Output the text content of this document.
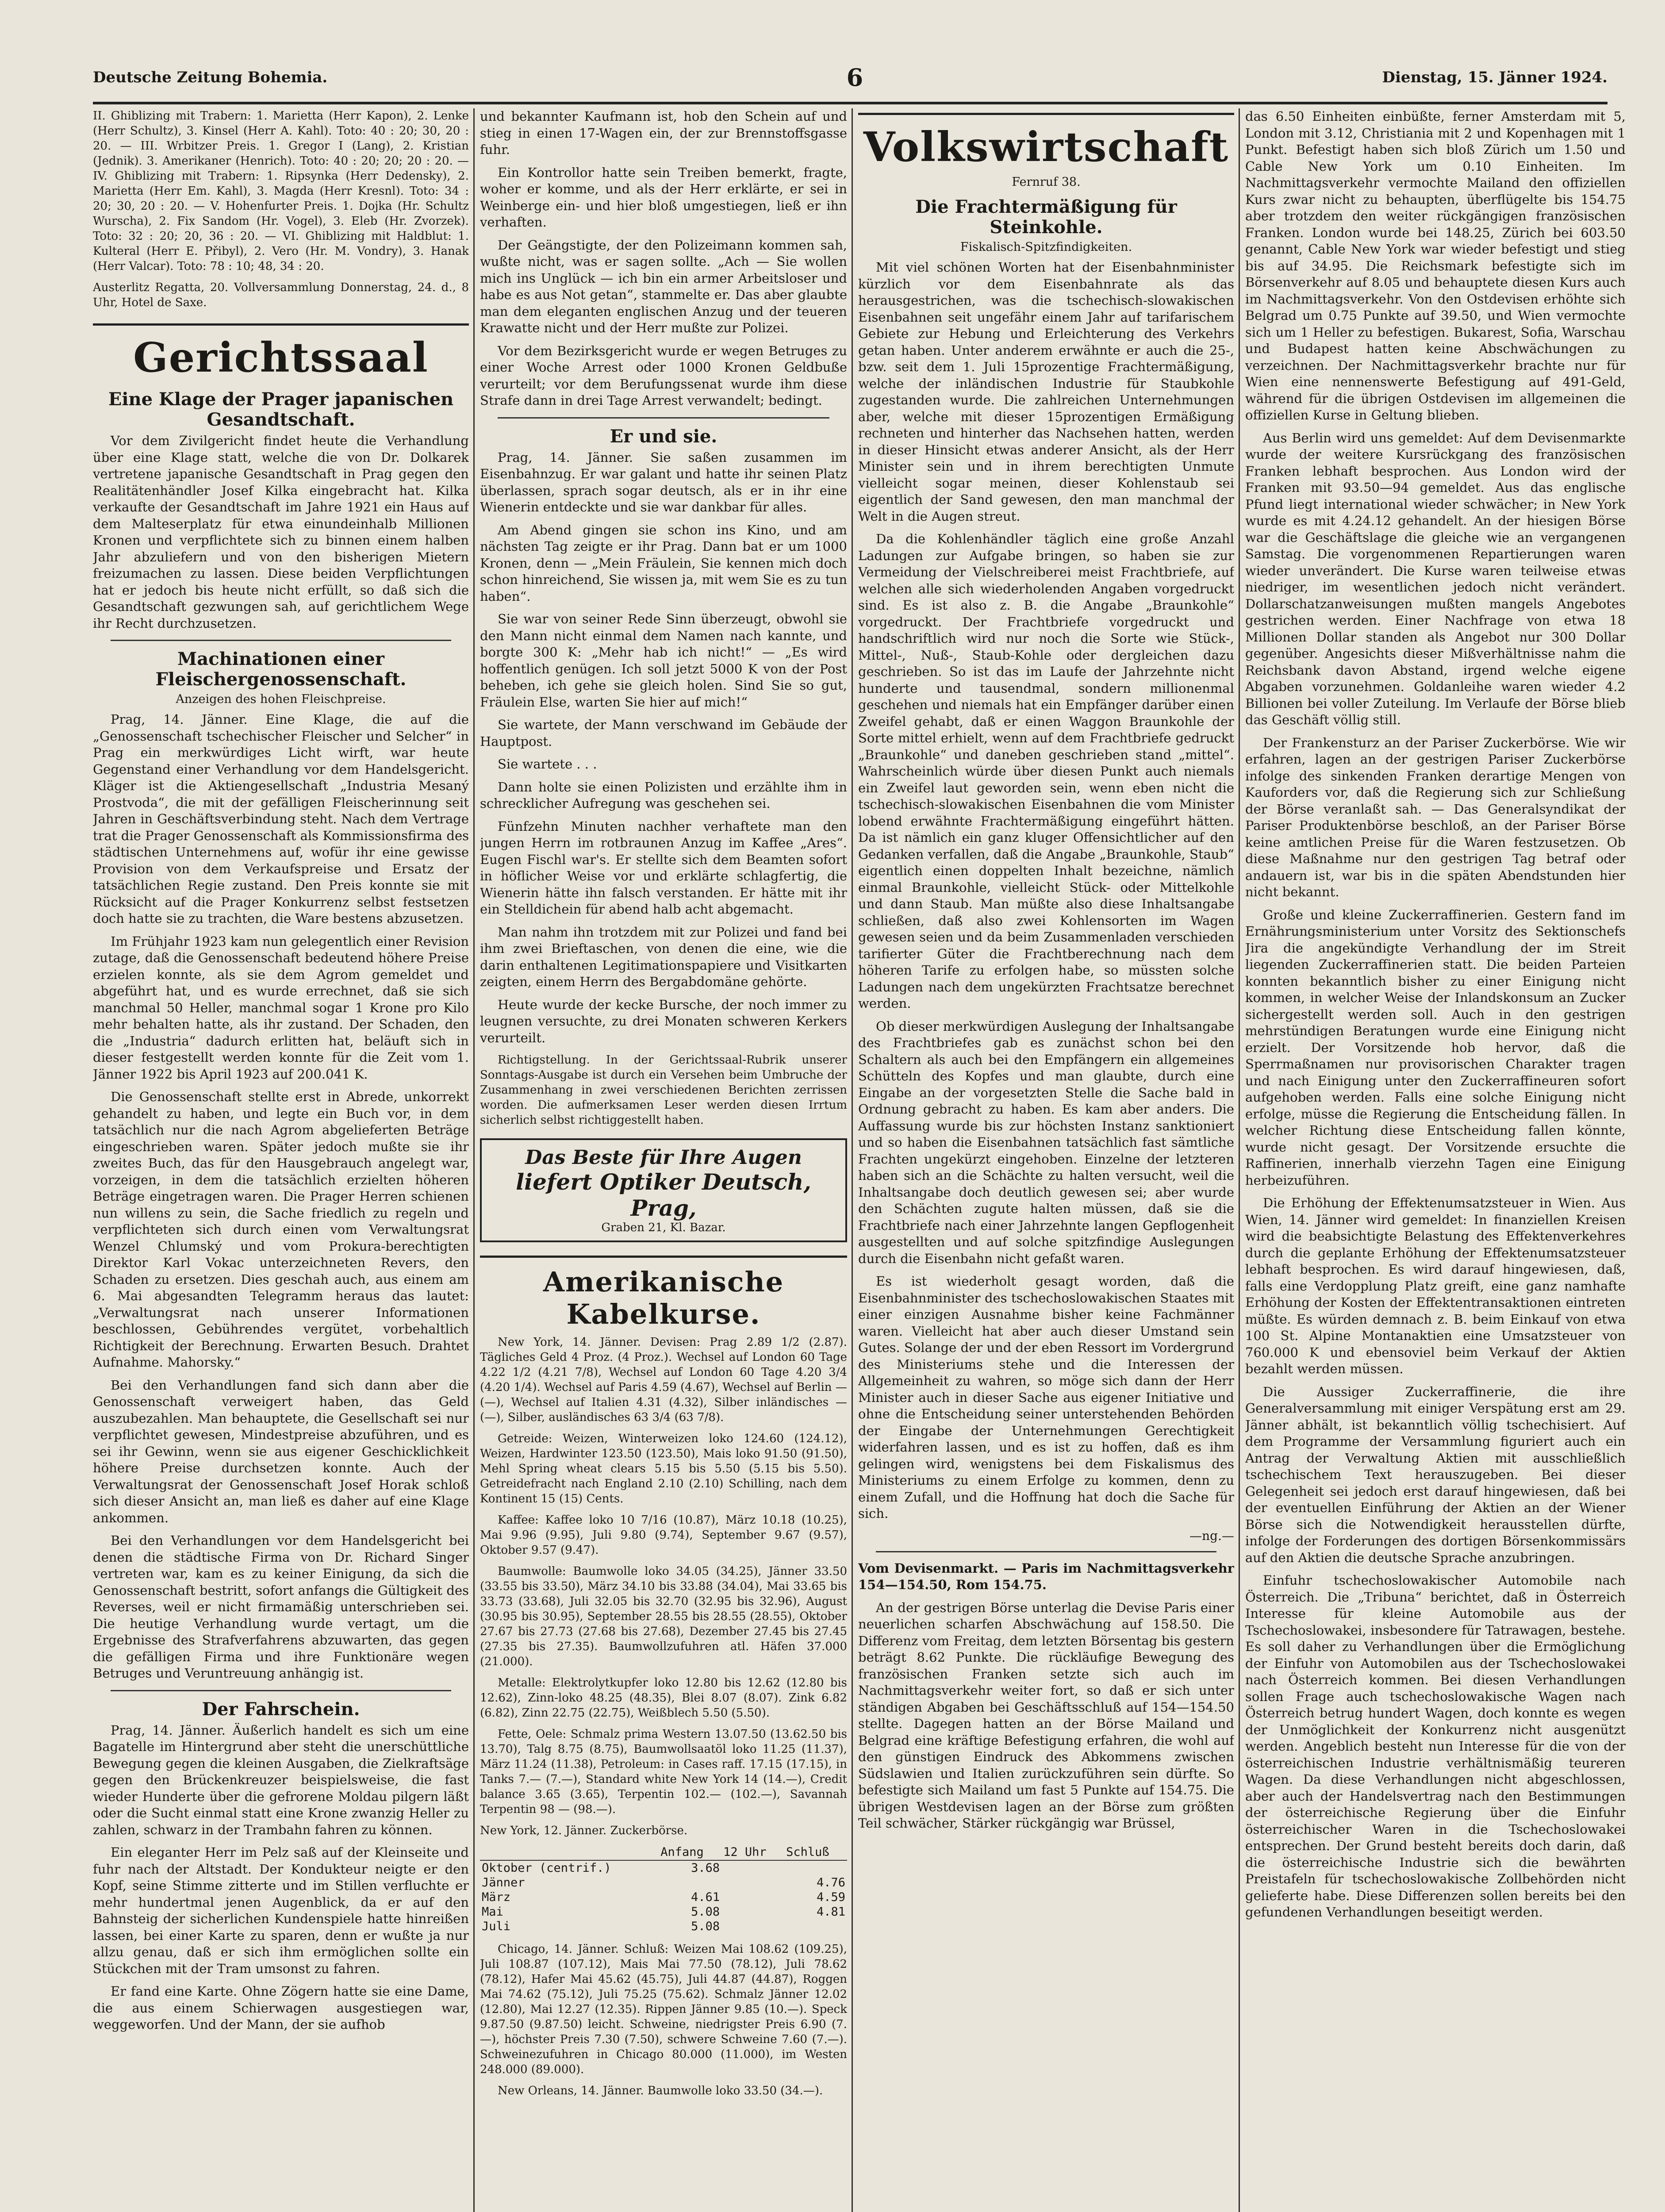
Deutsche Zeitung Bohemia.	6	Dienstag, 15. Jänner 1924.

II. Ghiblizing mit Trabern: 1. Marietta (Herr Kapon), 2. Lenke (Herr Schultz), 3. Kinsel (Herr A. Kahl). Toto: 40 : 20; 30, 20 : 20. — III. Wrbitzer Preis. 1. Gregor I (Lang), 2. Kristian (Jednik). 3. Amerikaner (Henrich). Toto: 40 : 20; 20; 20 : 20. — IV. Ghiblizing mit Trabern: 1. Ripsynka (Herr Dedensky), 2. Marietta (Herr Em. Kahl), 3. Magda (Herr Kresnl). Toto: 34 : 20; 30, 20 : 20. — V. Hohenfurter Preis. 1. Dojka (Hr. Schultz Wurscha), 2. Fix Sandom (Hr. Vogel), 3. Eleb (Hr. Zvorzek). Toto: 32 : 20; 20, 36 : 20. — VI. Ghiblizing mit Haldblut: 1. Kulteral (Herr E. Přibyl), 2. Vero (Hr. M. Vondry), 3. Hanak (Herr Valcar). Toto: 78 : 10; 48, 34 : 20.

Austerlitz Regatta, 20. Vollversammlung Donnerstag, 24. d., 8 Uhr, Hotel de Saxe.

Gerichtssaal
Eine Klage der Prager japanischen Gesandtschaft.

Vor dem Zivilgericht findet heute die Verhandlung über eine Klage statt, welche die von Dr. Dolkarek vertretene japanische Gesandtschaft in Prag gegen den Realitätenhändler Josef Kilka eingebracht hat. Kilka verkaufte der Gesandtschaft im Jahre 1921 ein Haus auf dem Malteserplatz für etwa einundeinhalb Millionen Kronen und verpflichtete sich zu binnen einem halben Jahr abzuliefern und von den bisherigen Mietern freizumachen zu lassen. Diese beiden Verpflichtungen hat er jedoch bis heute nicht erfüllt, so daß sich die Gesandtschaft gezwungen sah, auf gerichtlichem Wege ihr Recht durchzusetzen.

Machinationen einer Fleischergenossenschaft.
Anzeigen des hohen Fleischpreise.

Prag, 14. Jänner. Eine Klage, die auf die „Genossenschaft tschechischer Fleischer und Selcher“ in Prag ein merkwürdiges Licht wirft, war heute Gegenstand einer Verhandlung vor dem Handelsgericht. Kläger ist die Aktiengesellschaft „Industria Mesaný Prostvoda“, die mit der gefälligen Fleischerinnung seit Jahren in Geschäftsverbindung steht. Nach dem Vertrage trat die Prager Genossenschaft als Kommissionsfirma des städtischen Unternehmens auf, wofür ihr eine gewisse Provision von dem Verkaufspreise und Ersatz der tatsächlichen Regie zustand. Den Preis konnte sie mit Rücksicht auf die Prager Konkurrenz selbst festsetzen doch hatte sie zu trachten, die Ware bestens abzusetzen.

Im Frühjahr 1923 kam nun gelegentlich einer Revision zutage, daß die Genossenschaft bedeutend höhere Preise erzielen konnte, als sie dem Agrom gemeldet und abgeführt hat, und es wurde errechnet, daß sie sich manchmal 50 Heller, manchmal sogar 1 Krone pro Kilo mehr behalten hatte, als ihr zustand. Der Schaden, den die „Industria“ dadurch erlitten hat, beläuft sich in dieser festgestellt werden konnte für die Zeit vom 1. Jänner 1922 bis April 1923 auf 200.041 K.

Die Genossenschaft stellte erst in Abrede, unkorrekt gehandelt zu haben, und legte ein Buch vor, in dem tatsächlich nur die nach Agrom abgelieferten Beträge eingeschrieben waren. Später jedoch mußte sie ihr zweites Buch, das für den Hausgebrauch angelegt war, vorzeigen, in dem die tatsächlich erzielten höheren Beträge eingetragen waren. Die Prager Herren schienen nun willens zu sein, die Sache friedlich zu regeln und verpflichteten sich durch einen vom Verwaltungsrat Wenzel Chlumský und vom Prokura-berechtigten Direktor Karl Vokac unterzeichneten Revers, den Schaden zu ersetzen. Dies geschah auch, aus einem am 6. Mai abgesandten Telegramm heraus das lautet: „Verwaltungsrat nach unserer Informationen beschlossen, Gebührendes vergütet, vorbehaltlich Richtigkeit der Berechnung. Erwarten Besuch. Drahtet Aufnahme. Mahorsky.“

Bei den Verhandlungen fand sich dann aber die Genossenschaft verweigert haben, das Geld auszubezahlen. Man behauptete, die Gesellschaft sei nur verpflichtet gewesen, Mindestpreise abzuführen, und es sei ihr Gewinn, wenn sie aus eigener Geschicklichkeit höhere Preise durchsetzen konnte. Auch der Verwaltungsrat der Genossenschaft Josef Horak schloß sich dieser Ansicht an, man ließ es daher auf eine Klage ankommen.

Bei den Verhandlungen vor dem Handelsgericht bei denen die städtische Firma von Dr. Richard Singer vertreten war, kam es zu keiner Einigung, da sich die Genossenschaft bestritt, sofort anfangs die Gültigkeit des Reverses, weil er nicht firmamäßig unterschrieben sei. Die heutige Verhandlung wurde vertagt, um die Ergebnisse des Strafverfahrens abzuwarten, das gegen die gefälligen Firma und ihre Funktionäre wegen Betruges und Veruntreuung anhängig ist.

Der Fahrschein.

Prag, 14. Jänner. Äußerlich handelt es sich um eine Bagatelle im Hintergrund aber steht die unerschüttliche Bewegung gegen die kleinen Ausgaben, die Zielkraftsäge gegen den Brückenkreuzer beispielsweise, die fast wieder Hunderte über die gefrorene Moldau pilgern läßt oder die Sucht einmal statt eine Krone zwanzig Heller zu zahlen, schwarz in der Trambahn fahren zu können.

Ein eleganter Herr im Pelz saß auf der Kleinseite und fuhr nach der Altstadt. Der Kondukteur neigte er den Kopf, seine Stimme zitterte und im Stillen verfluchte er mehr hundertmal jenen Augenblick, da er auf den Bahnsteig der sicherlichen Kundenspiele hatte hinreißen lassen, bei einer Karte zu sparen, denn er wußte ja nur allzu genau, daß er sich ihm ermöglichen sollte ein Stückchen mit der Tram umsonst zu fahren.

Er fand eine Karte. Ohne Zögern hatte sie eine Dame, die aus einem Schierwagen ausgestiegen war, weggeworfen. Und der Mann, der sie aufhob

und bekannter Kaufmann ist, hob den Schein auf und stieg in einen 17-Wagen ein, der zur Brennstoffsgasse fuhr.

Ein Kontrollor hatte sein Treiben bemerkt, fragte, woher er komme, und als der Herr erklärte, er sei in Weinberge ein- und hier bloß umgestiegen, ließ er ihn verhaften.

Der Geängstigte, der den Polizeimann kommen sah, wußte nicht, was er sagen sollte. „Ach — Sie wollen mich ins Unglück — ich bin ein armer Arbeitsloser und habe es aus Not getan“, stammelte er. Das aber glaubte man dem eleganten englischen Anzug und der teueren Krawatte nicht und der Herr mußte zur Polizei.

Vor dem Bezirksgericht wurde er wegen Betruges zu einer Woche Arrest oder 1000 Kronen Geldbuße verurteilt; vor dem Berufungssenat wurde ihm diese Strafe dann in drei Tage Arrest verwandelt; bedingt.

Er und sie.

Prag, 14. Jänner. Sie saßen zusammen im Eisenbahnzug. Er war galant und hatte ihr seinen Platz überlassen, sprach sogar deutsch, als er in ihr eine Wienerin entdeckte und sie war dankbar für alles.

Am Abend gingen sie schon ins Kino, und am nächsten Tag zeigte er ihr Prag. Dann bat er um 1000 Kronen, denn — „Mein Fräulein, Sie kennen mich doch schon hinreichend, Sie wissen ja, mit wem Sie es zu tun haben“.

Sie war von seiner Rede Sinn überzeugt, obwohl sie den Mann nicht einmal dem Namen nach kannte, und borgte 300 K: „Mehr hab ich nicht!“ — „Es wird hoffentlich genügen. Ich soll jetzt 5000 K von der Post beheben, ich gehe sie gleich holen. Sind Sie so gut, Fräulein Else, warten Sie hier auf mich!“

Sie wartete, der Mann verschwand im Gebäude der Hauptpost.

Sie wartete . . .

Dann holte sie einen Polizisten und erzählte ihm in schrecklicher Aufregung was geschehen sei.

Fünfzehn Minuten nachher verhaftete man den jungen Herrn im rotbraunen Anzug im Kaffee „Ares“. Eugen Fischl war's. Er stellte sich dem Beamten sofort in höflicher Weise vor und erklärte schlagfertig, die Wienerin hätte ihn falsch verstanden. Er hätte mit ihr ein Stelldichein für abend halb acht abgemacht.

Man nahm ihn trotzdem mit zur Polizei und fand bei ihm zwei Brieftaschen, von denen die eine, wie die darin enthaltenen Legitimationspapiere und Visitkarten zeigten, einem Herrn des Bergabdomäne gehörte.

Heute wurde der kecke Bursche, der noch immer zu leugnen versuchte, zu drei Monaten schweren Kerkers verurteilt.

Richtigstellung. In der Gerichtssaal-Rubrik unserer Sonntags-Ausgabe ist durch ein Versehen beim Umbruche der Zusammenhang in zwei verschiedenen Berichten zerrissen worden. Die aufmerksamen Leser werden diesen Irrtum sicherlich selbst richtiggestellt haben.

Das Beste für Ihre Augen
liefert Optiker Deutsch, Prag,
Graben 21, Kl. Bazar.
Amerikanische Kabelkurse.

New York, 14. Jänner. Devisen: Prag 2.89 1/2 (2.87). Tägliches Geld 4 Proz. (4 Proz.). Wechsel auf London 60 Tage 4.22 1/2 (4.21 7/8), Wechsel auf London 60 Tage 4.20 3/4 (4.20 1/4). Wechsel auf Paris 4.59 (4.67), Wechsel auf Berlin — (—), Wechsel auf Italien 4.31 (4.32), Silber inländisches — (—), Silber, ausländisches 63 3/4 (63 7/8).

Getreide: Weizen, Winterweizen loko 124.60 (124.12), Weizen, Hardwinter 123.50 (123.50), Mais loko 91.50 (91.50), Mehl Spring wheat clears 5.15 bis 5.50 (5.15 bis 5.50). Getreidefracht nach England 2.10 (2.10) Schilling, nach dem Kontinent 15 (15) Cents.

Kaffee: Kaffee loko 10 7/16 (10.87), März 10.18 (10.25), Mai 9.96 (9.95), Juli 9.80 (9.74), September 9.67 (9.57), Oktober 9.57 (9.47).

Baumwolle: Baumwolle loko 34.05 (34.25), Jänner 33.50 (33.55 bis 33.50), März 34.10 bis 33.88 (34.04), Mai 33.65 bis 33.73 (33.68), Juli 32.05 bis 32.70 (32.95 bis 32.96), August (30.95 bis 30.95), September 28.55 bis 28.55 (28.55), Oktober 27.67 bis 27.73 (27.68 bis 27.68), Dezember 27.45 bis 27.45 (27.35 bis 27.35). Baumwollzufuhren atl. Häfen 37.000 (21.000).

Metalle: Elektrolytkupfer loko 12.80 bis 12.62 (12.80 bis 12.62), Zinn-loko 48.25 (48.35), Blei 8.07 (8.07). Zink 6.82 (6.82), Zinn 22.75 (22.75), Weißblech 5.50 (5.50).

Fette, Oele: Schmalz prima Western 13.07.50 (13.62.50 bis 13.70), Talg 8.75 (8.75), Baumwollsaatöl loko 11.25 (11.37), März 11.24 (11.38), Petroleum: in Cases raff. 17.15 (17.15), in Tanks 7.— (7.—), Standard white New York 14 (14.—), Credit balance 3.65 (3.65), Terpentin 102.— (102.—), Savannah Terpentin 98 — (98.—).

New York, 12. Jänner. Zuckerbörse.

	Anfang	12 Uhr	Schluß
Oktober (centrif.)	3.68		
Jänner			4.76
März	4.61		4.59
Mai	5.08		4.81
Juli	5.08		

Chicago, 14. Jänner. Schluß: Weizen Mai 108.62 (109.25), Juli 108.87 (107.12), Mais Mai 77.50 (78.12), Juli 78.62 (78.12), Hafer Mai 45.62 (45.75), Juli 44.87 (44.87), Roggen Mai 74.62 (75.12), Juli 75.25 (75.62). Schmalz Jänner 12.02 (12.80), Mai 12.27 (12.35). Rippen Jänner 9.85 (10.—). Speck 9.87.50 (9.87.50) leicht. Schweine, niedrigster Preis 6.90 (7.—), höchster Preis 7.30 (7.50), schwere Schweine 7.60 (7.—). Schweinezufuhren in Chicago 80.000 (11.000), im Westen 248.000 (89.000).

New Orleans, 14. Jänner. Baumwolle loko 33.50 (34.—).

Volkswirtschaft
Fernruf 38.
Die Frachtermäßigung für Steinkohle.
Fiskalisch-Spitzfindigkeiten.

Mit viel schönen Worten hat der Eisenbahnminister kürzlich vor dem Eisenbahnrate als das herausgestrichen, was die tschechisch-slowakischen Eisenbahnen seit ungefähr einem Jahr auf tarifarischem Gebiete zur Hebung und Erleichterung des Verkehrs getan haben. Unter anderem erwähnte er auch die 25-, bzw. seit dem 1. Juli 15prozentige Frachtermäßigung, welche der inländischen Industrie für Staubkohle zugestanden wurde. Die zahlreichen Unternehmungen aber, welche mit dieser 15prozentigen Ermäßigung rechneten und hinterher das Nachsehen hatten, werden in dieser Hinsicht etwas anderer Ansicht, als der Herr Minister sein und in ihrem berechtigten Unmute vielleicht sogar meinen, dieser Kohlenstaub sei eigentlich der Sand gewesen, den man manchmal der Welt in die Augen streut.

Da die Kohlenhändler täglich eine große Anzahl Ladungen zur Aufgabe bringen, so haben sie zur Vermeidung der Vielschreiberei meist Frachtbriefe, auf welchen alle sich wiederholenden Angaben vorgedruckt sind. Es ist also z. B. die Angabe „Braunkohle“ vorgedruckt. Der Frachtbriefe vorgedruckt und handschriftlich wird nur noch die Sorte wie Stück-, Mittel-, Nuß-, Staub-Kohle oder dergleichen dazu geschrieben. So ist das im Laufe der Jahrzehnte nicht hunderte und tausendmal, sondern millionenmal geschehen und niemals hat ein Empfänger darüber einen Zweifel gehabt, daß er einen Waggon Braunkohle der Sorte mittel erhielt, wenn auf dem Frachtbriefe gedruckt „Braunkohle“ und daneben geschrieben stand „mittel“. Wahrscheinlich würde über diesen Punkt auch niemals ein Zweifel laut geworden sein, wenn eben nicht die tschechisch-slowakischen Eisenbahnen die vom Minister lobend erwähnte Frachtermäßigung eingeführt hätten. Da ist nämlich ein ganz kluger Offensichtlicher auf den Gedanken verfallen, daß die Angabe „Braunkohle, Staub“ eigentlich einen doppelten Inhalt bezeichne, nämlich einmal Braunkohle, vielleicht Stück- oder Mittelkohle und dann Staub. Man müßte also diese Inhaltsangabe schließen, daß also zwei Kohlensorten im Wagen gewesen seien und da beim Zusammenladen verschieden tarifierter Güter die Frachtberechnung nach dem höheren Tarife zu erfolgen habe, so müssten solche Ladungen nach dem ungekürzten Frachtsatze berechnet werden.

Ob dieser merkwürdigen Auslegung der Inhaltsangabe des Frachtbriefes gab es zunächst schon bei den Schaltern als auch bei den Empfängern ein allgemeines Schütteln des Kopfes und man glaubte, durch eine Eingabe an der vorgesetzten Stelle die Sache bald in Ordnung gebracht zu haben. Es kam aber anders. Die Auffassung wurde bis zur höchsten Instanz sanktioniert und so haben die Eisenbahnen tatsächlich fast sämtliche Frachten ungekürzt eingehoben. Einzelne der letzteren haben sich an die Schächte zu halten versucht, weil die Inhaltsangabe doch deutlich gewesen sei; aber wurde den Schächten zugute halten müssen, daß sie die Frachtbriefe nach einer Jahrzehnte langen Gepflogenheit ausgestellten und auf solche spitzfindige Auslegungen durch die Eisenbahn nicht gefaßt waren.

Es ist wiederholt gesagt worden, daß die Eisenbahnminister des tschechoslowakischen Staates mit einer einzigen Ausnahme bisher keine Fachmänner waren. Vielleicht hat aber auch dieser Umstand sein Gutes. Solange der und der eben Ressort im Vordergrund des Ministeriums stehe und die Interessen der Allgemeinheit zu wahren, so möge sich dann der Herr Minister auch in dieser Sache aus eigener Initiative und ohne die Entscheidung seiner unterstehenden Behörden der Eingabe der Unternehmungen Gerechtigkeit widerfahren lassen, und es ist zu hoffen, daß es ihm gelingen wird, wenigstens bei dem Fiskalismus des Ministeriums zu einem Erfolge zu kommen, denn zu einem Zufall, und die Hoffnung hat doch die Sache für sich.

—ng.—

Vom Devisenmarkt. — Paris im Nachmittagsverkehr 154—154.50, Rom 154.75.

An der gestrigen Börse unterlag die Devise Paris einer neuerlichen scharfen Abschwächung auf 158.50. Die Differenz vom Freitag, dem letzten Börsentag bis gestern beträgt 8.62 Punkte. Die rückläufige Bewegung des französischen Franken setzte sich auch im Nachmittagsverkehr weiter fort, so daß er sich unter ständigen Abgaben bei Geschäftsschluß auf 154—154.50 stellte. Dagegen hatten an der Börse Mailand und Belgrad eine kräftige Befestigung erfahren, die wohl auf den günstigen Eindruck des Abkommens zwischen Südslawien und Italien zurückzuführen sein dürfte. So befestigte sich Mailand um fast 5 Punkte auf 154.75. Die übrigen Westdevisen lagen an der Börse zum größten Teil schwächer, Stärker rückgängig war Brüssel,

das 6.50 Einheiten einbüßte, ferner Amsterdam mit 5, London mit 3.12, Christiania mit 2 und Kopenhagen mit 1 Punkt. Befestigt haben sich bloß Zürich um 1.50 und Cable New York um 0.10 Einheiten. Im Nachmittagsverkehr vermochte Mailand den offiziellen Kurs zwar nicht zu behaupten, überflügelte bis 154.75 aber trotzdem den weiter rückgängigen französischen Franken. London wurde bei 148.25, Zürich bei 603.50 genannt, Cable New York war wieder befestigt und stieg bis auf 34.95. Die Reichsmark befestigte sich im Börsenverkehr auf 8.05 und behauptete diesen Kurs auch im Nachmittagsverkehr. Von den Ostdevisen erhöhte sich Belgrad um 0.75 Punkte auf 39.50, und Wien vermochte sich um 1 Heller zu befestigen. Bukarest, Sofia, Warschau und Budapest hatten keine Abschwächungen zu verzeichnen. Der Nachmittagsverkehr brachte nur für Wien eine nennenswerte Befestigung auf 491-Geld, während für die übrigen Ostdevisen im allgemeinen die offiziellen Kurse in Geltung blieben.

Aus Berlin wird uns gemeldet: Auf dem Devisenmarkte wurde der weitere Kursrückgang des französischen Franken lebhaft besprochen. Aus London wird der Franken mit 93.50—94 gemeldet. Aus das englische Pfund liegt international wieder schwächer; in New York wurde es mit 4.24.12 gehandelt. An der hiesigen Börse war die Geschäftslage die gleiche wie an vergangenen Samstag. Die vorgenommenen Repartierungen waren wieder unverändert. Die Kurse waren teilweise etwas niedriger, im wesentlichen jedoch nicht verändert. Dollarschatzanweisungen mußten mangels Angebotes gestrichen werden. Einer Nachfrage von etwa 18 Millionen Dollar standen als Angebot nur 300 Dollar gegenüber. Angesichts dieser Mißverhältnisse nahm die Reichsbank davon Abstand, irgend welche eigene Abgaben vorzunehmen. Goldanleihe waren wieder 4.2 Billionen bei voller Zuteilung. Im Verlaufe der Börse blieb das Geschäft völlig still.

Der Frankensturz an der Pariser Zuckerbörse. Wie wir erfahren, lagen an der gestrigen Pariser Zuckerbörse infolge des sinkenden Franken derartige Mengen von Kauforders vor, daß die Regierung sich zur Schließung der Börse veranlaßt sah. — Das Generalsyndikat der Pariser Produktenbörse beschloß, an der Pariser Börse keine amtlichen Preise für die Waren festzusetzen. Ob diese Maßnahme nur den gestrigen Tag betraf oder andauern ist, war bis in die späten Abendstunden hier nicht bekannt.

Große und kleine Zuckerraffinerien. Gestern fand im Ernährungsministerium unter Vorsitz des Sektionschefs Jira die angekündigte Verhandlung der im Streit liegenden Zuckerraffinerien statt. Die beiden Parteien konnten bekanntlich bisher zu einer Einigung nicht kommen, in welcher Weise der Inlandskonsum an Zucker sichergestellt werden soll. Auch in den gestrigen mehrstündigen Beratungen wurde eine Einigung nicht erzielt. Der Vorsitzende hob hervor, daß die Sperrmaßnamen nur provisorischen Charakter tragen und nach Einigung unter den Zuckerraffineuren sofort aufgehoben werden. Falls eine solche Einigung nicht erfolge, müsse die Regierung die Entscheidung fällen. In welcher Richtung diese Entscheidung fallen könnte, wurde nicht gesagt. Der Vorsitzende ersuchte die Raffinerien, innerhalb vierzehn Tagen eine Einigung herbeizuführen.

Die Erhöhung der Effektenumsatzsteuer in Wien. Aus Wien, 14. Jänner wird gemeldet: In finanziellen Kreisen wird die beabsichtigte Belastung des Effektenverkehres durch die geplante Erhöhung der Effektenumsatzsteuer lebhaft besprochen. Es wird darauf hingewiesen, daß, falls eine Verdopplung Platz greift, eine ganz namhafte Erhöhung der Kosten der Effektentransaktionen eintreten müßte. Es würden demnach z. B. beim Einkauf von etwa 100 St. Alpine Montanaktien eine Umsatzsteuer von 760.000 K und ebensoviel beim Verkauf der Aktien bezahlt werden müssen.

Die Aussiger Zuckerraffinerie, die ihre Generalversammlung mit einiger Verspätung erst am 29. Jänner abhält, ist bekanntlich völlig tschechisiert. Auf dem Programme der Versammlung figuriert auch ein Antrag der Verwaltung Aktien mit ausschließlich tschechischem Text herauszugeben. Bei dieser Gelegenheit sei jedoch erst darauf hingewiesen, daß bei der eventuellen Einführung der Aktien an der Wiener Börse sich die Notwendigkeit herausstellen dürfte, infolge der Forderungen des dortigen Börsenkommissärs auf den Aktien die deutsche Sprache anzubringen.

Einfuhr tschechoslowakischer Automobile nach Österreich. Die „Tribuna“ berichtet, daß in Österreich Interesse für kleine Automobile aus der Tschechoslowakei, insbesondere für Tatrawagen, bestehe. Es soll daher zu Verhandlungen über die Ermöglichung der Einfuhr von Automobilen aus der Tschechoslowakei nach Österreich kommen. Bei diesen Verhandlungen sollen Frage auch tschechoslowakische Wagen nach Österreich betrug hundert Wagen, doch konnte es wegen der Unmöglichkeit der Konkurrenz nicht ausgenützt werden. Angeblich besteht nun Interesse für die von der österreichischen Industrie verhältnismäßig teureren Wagen. Da diese Verhandlungen nicht abgeschlossen, aber auch der Handelsvertrag nach den Bestimmungen der österreichische Regierung über die Einfuhr österreichischer Waren in die Tschechoslowakei entsprechen. Der Grund besteht bereits doch darin, daß die österreichische Industrie sich die bewährten Preistafeln für tschechoslowakische Zollbehörden nicht gelieferte habe. Diese Differenzen sollen bereits bei den gefundenen Verhandlungen beseitigt werden.
